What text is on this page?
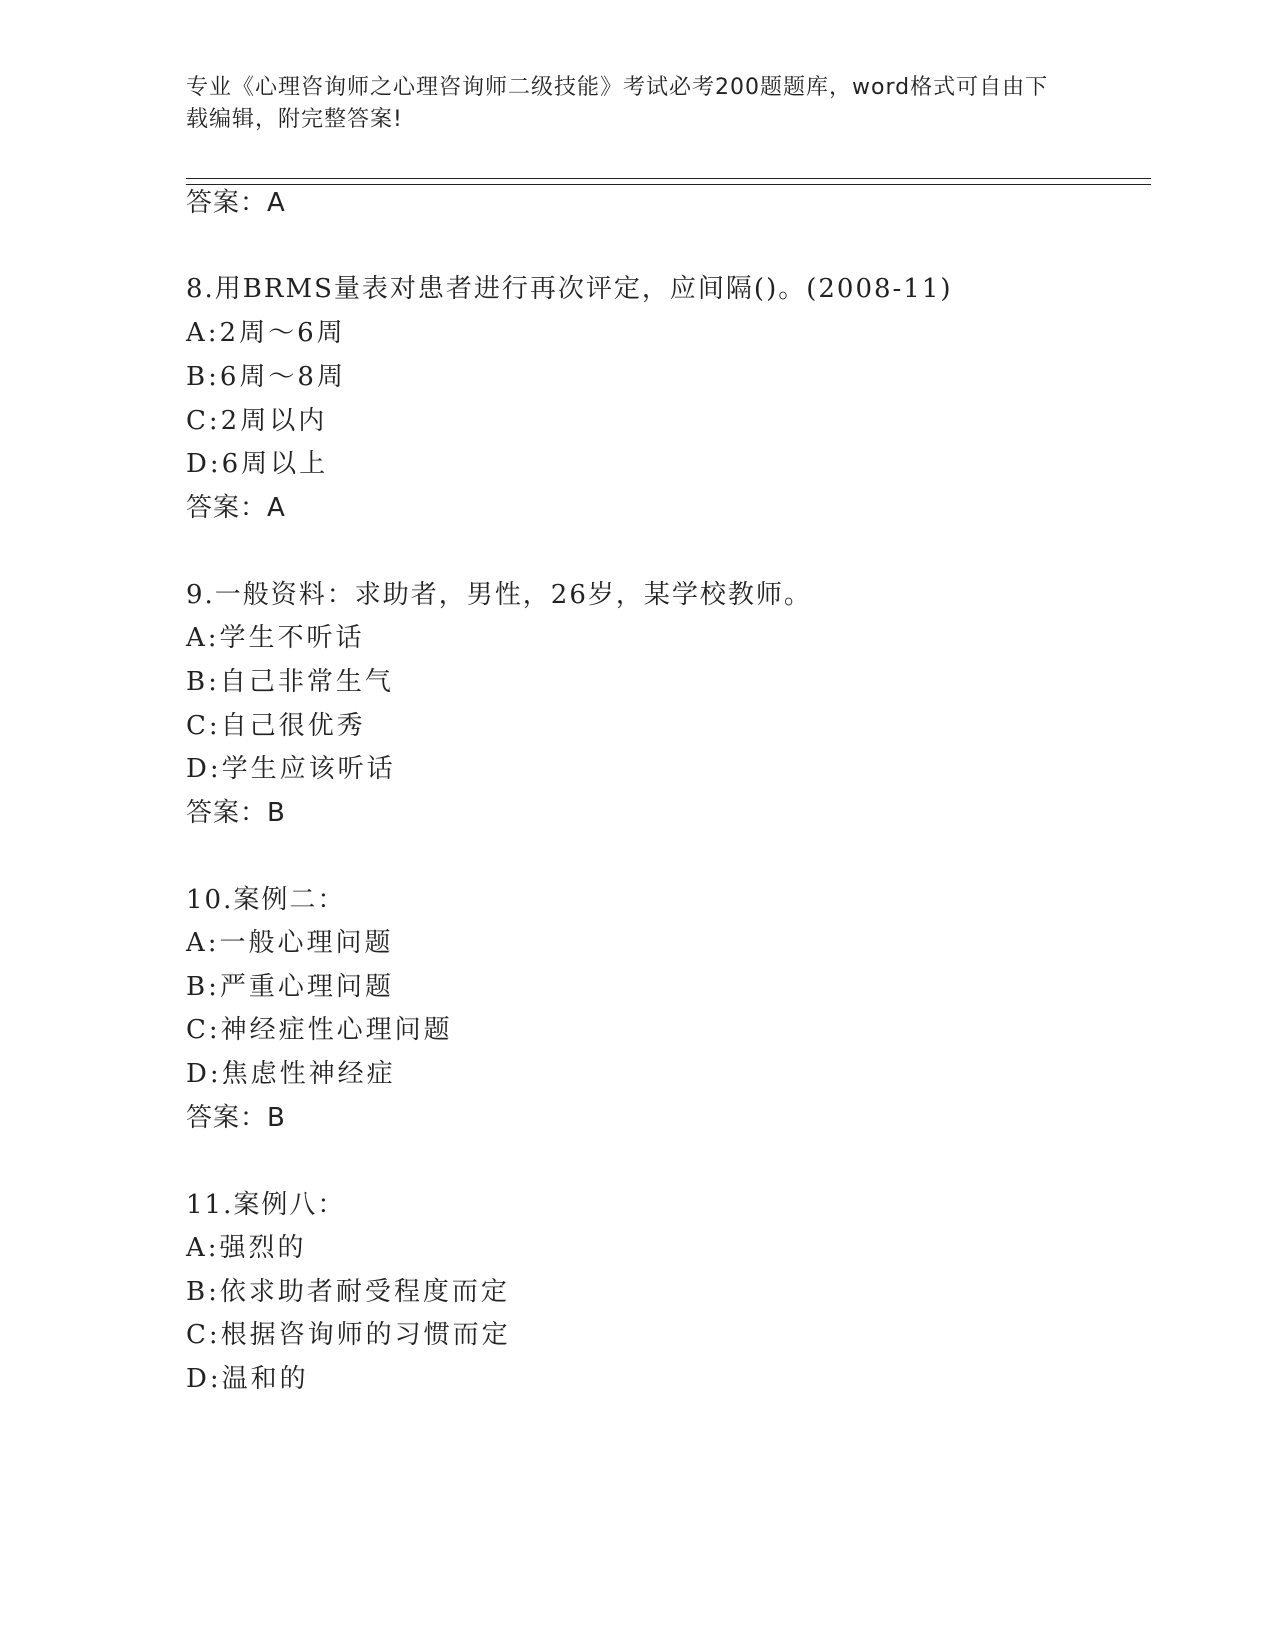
专业《心理咨询师之心理咨询师二级技能》考试必考200题题库，word格式可自由下载编辑，附完整答案!
答案：A
8.用BRMS量表对患者进行再次评定，应间隔()。(2008-11)
A:2周～6周
B:6周～8周
C:2周以内
D:6周以上
答案：A
9.一般资料：求助者，男性，26岁，某学校教师。
A:学生不听话
B:自己非常生气
C:自己很优秀
D:学生应该听话
答案：B
10.案例二：
A:一般心理问题
B:严重心理问题
C:神经症性心理问题
D:焦虑性神经症
答案：B
11.案例八：
A:强烈的
B:依求助者耐受程度而定
C:根据咨询师的习惯而定
D:温和的
